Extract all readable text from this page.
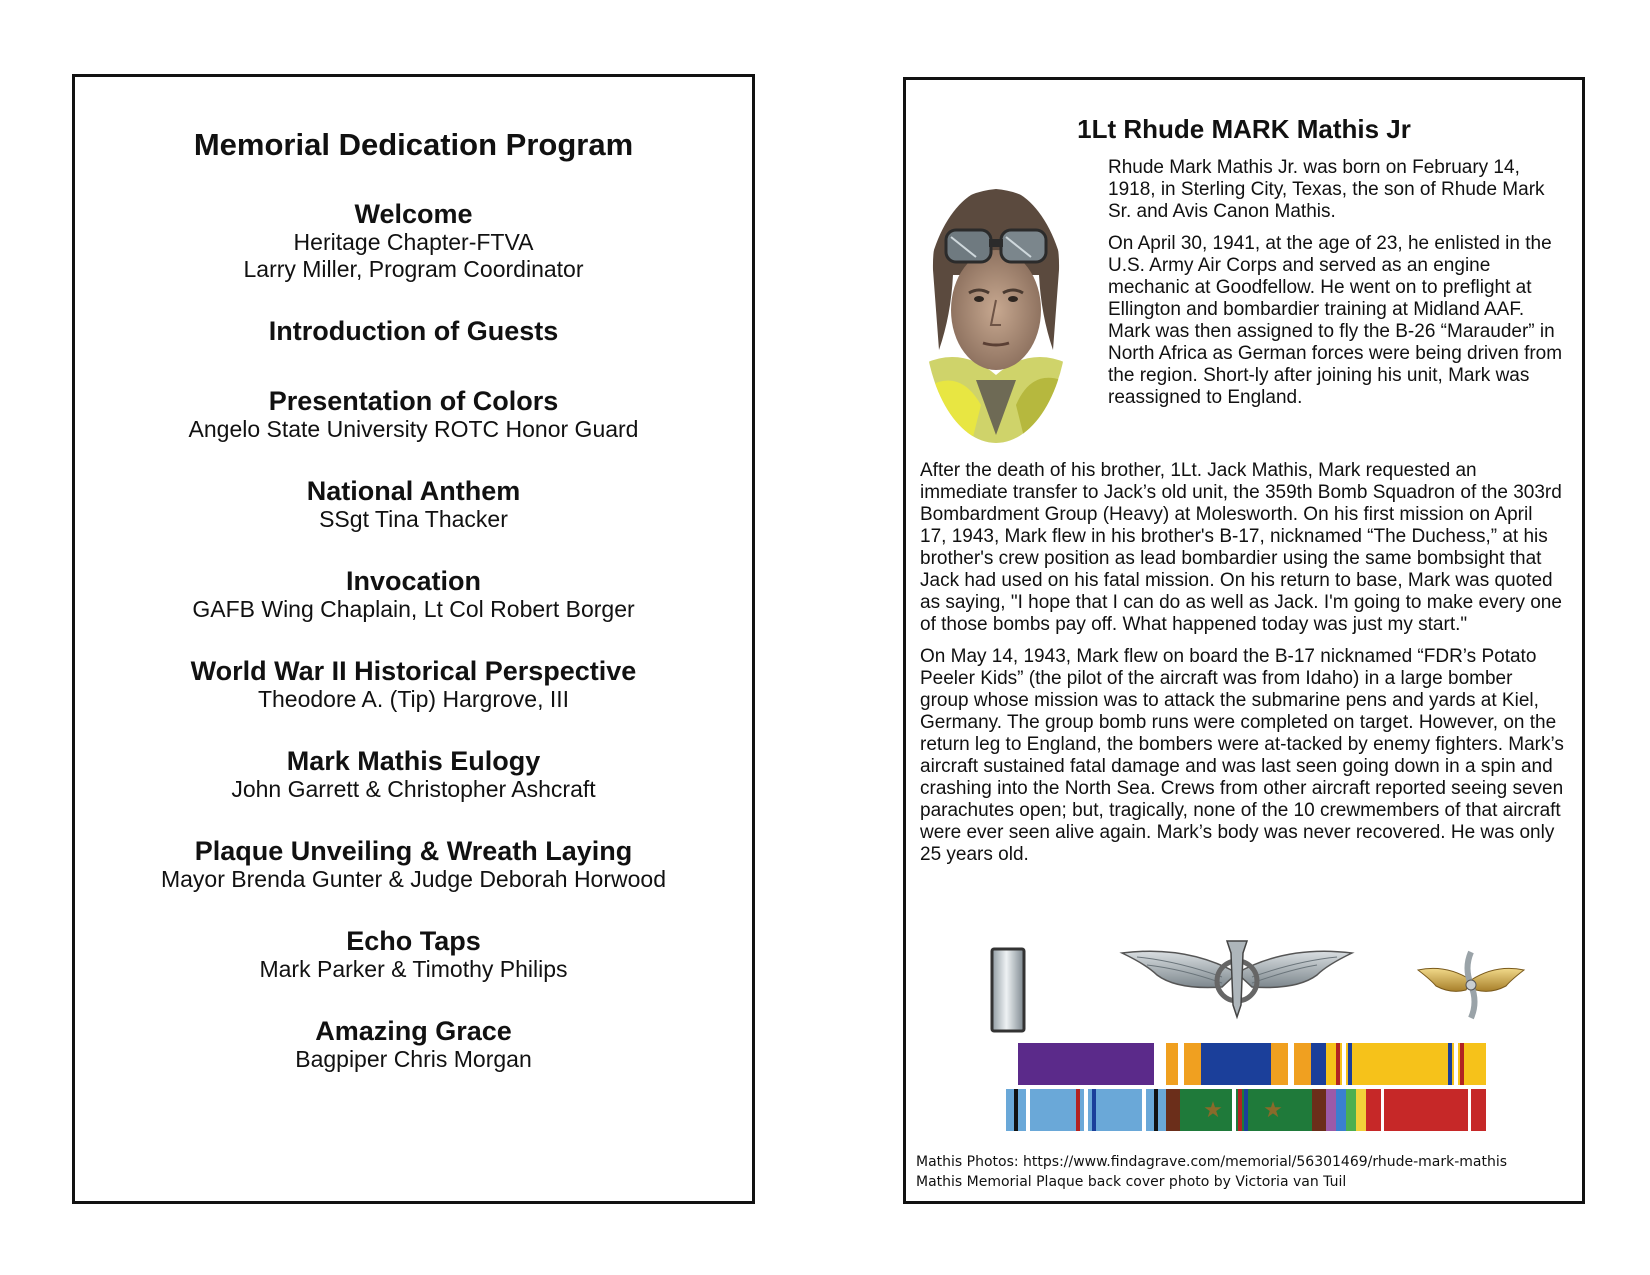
Memorial Dedication Program
Welcome
Heritage Chapter-FTVA
Larry Miller, Program Coordinator
Introduction of Guests
Presentation of Colors
Angelo State University ROTC Honor Guard
National Anthem
SSgt Tina Thacker
Invocation
GAFB Wing Chaplain, Lt Col Robert Borger
World War II Historical Perspective
Theodore A. (Tip) Hargrove, III
Mark Mathis Eulogy
John Garrett & Christopher Ashcraft
Plaque Unveiling & Wreath Laying
Mayor Brenda Gunter & Judge Deborah Horwood
Echo Taps
Mark Parker & Timothy Philips
Amazing Grace
Bagpiper Chris Morgan
1Lt Rhude MARK Mathis Jr

Rhude Mark Mathis Jr. was born on February 14, 1918, in Sterling City, Texas, the son of Rhude Mark Sr. and Avis Canon Mathis.

On April 30, 1941, at the age of 23, he enlisted in the U.S. Army Air Corps and served as an engine mechanic at Goodfellow. He went on to preflight at Ellington and bombardier training at Midland AAF. Mark was then assigned to fly the B-26 “Marauder” in North Africa as German forces were being driven from the region. Short-ly after joining his unit, Mark was reassigned to England.

After the death of his brother, 1Lt. Jack Mathis, Mark requested an immediate transfer to Jack’s old unit, the 359th Bomb Squadron of the 303rd Bombardment Group (Heavy) at Molesworth. On his first mission on April 17, 1943, Mark flew in his brother's B-17, nicknamed “The Duchess,” at his brother's crew position as lead bombardier using the same bombsight that Jack had used on his fatal mission. On his return to base, Mark was quoted as saying, "I hope that I can do as well as Jack. I'm going to make every one of those bombs pay off. What happened today was just my start."

On May 14, 1943, Mark flew on board the B-17 nicknamed “FDR’s Potato Peeler Kids” (the pilot of the aircraft was from Idaho) in a large bomber group whose mission was to attack the submarine pens and yards at Kiel, Germany. The group bomb runs were completed on target. However, on the return leg to England, the bombers were at-tacked by enemy fighters. Mark’s aircraft sustained fatal damage and was last seen going down in a spin and crashing into the North Sea. Crews from other aircraft reported seeing seven parachutes open; but, tragically, none of the 10 crewmembers of that aircraft were ever seen alive again. Mark’s body was never recovered. He was only 25 years old.

★ ★
Mathis Photos: https://www.findagrave.com/memorial/56301469/rhude-mark-mathis
Mathis Memorial Plaque back cover photo by Victoria van Tuil
